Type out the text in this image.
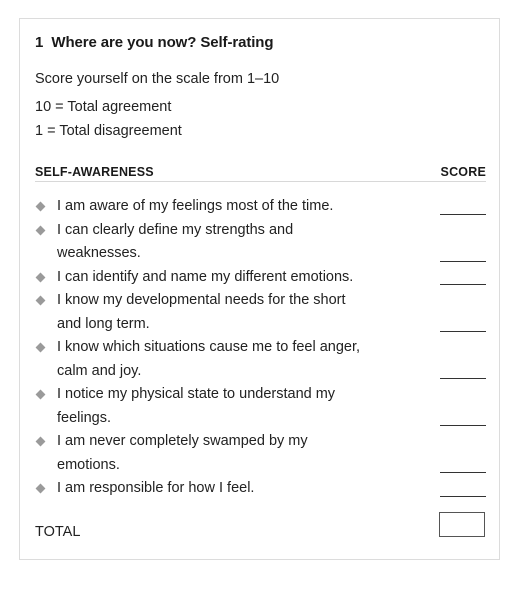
1 Where are you now? Self-rating
Score yourself on the scale from 1–10
10 = Total agreement
1 = Total disagreement
SELF-AWARENESS	SCORE
I am aware of my feelings most of the time.
I can clearly define my strengths and
weaknesses.
I can identify and name my different emotions.
I know my developmental needs for the short
and long term.
I know which situations cause me to feel anger,
calm and joy.
I notice my physical state to understand my
feelings.
I am never completely swamped by my
emotions.
I am responsible for how I feel.
TOTAL
